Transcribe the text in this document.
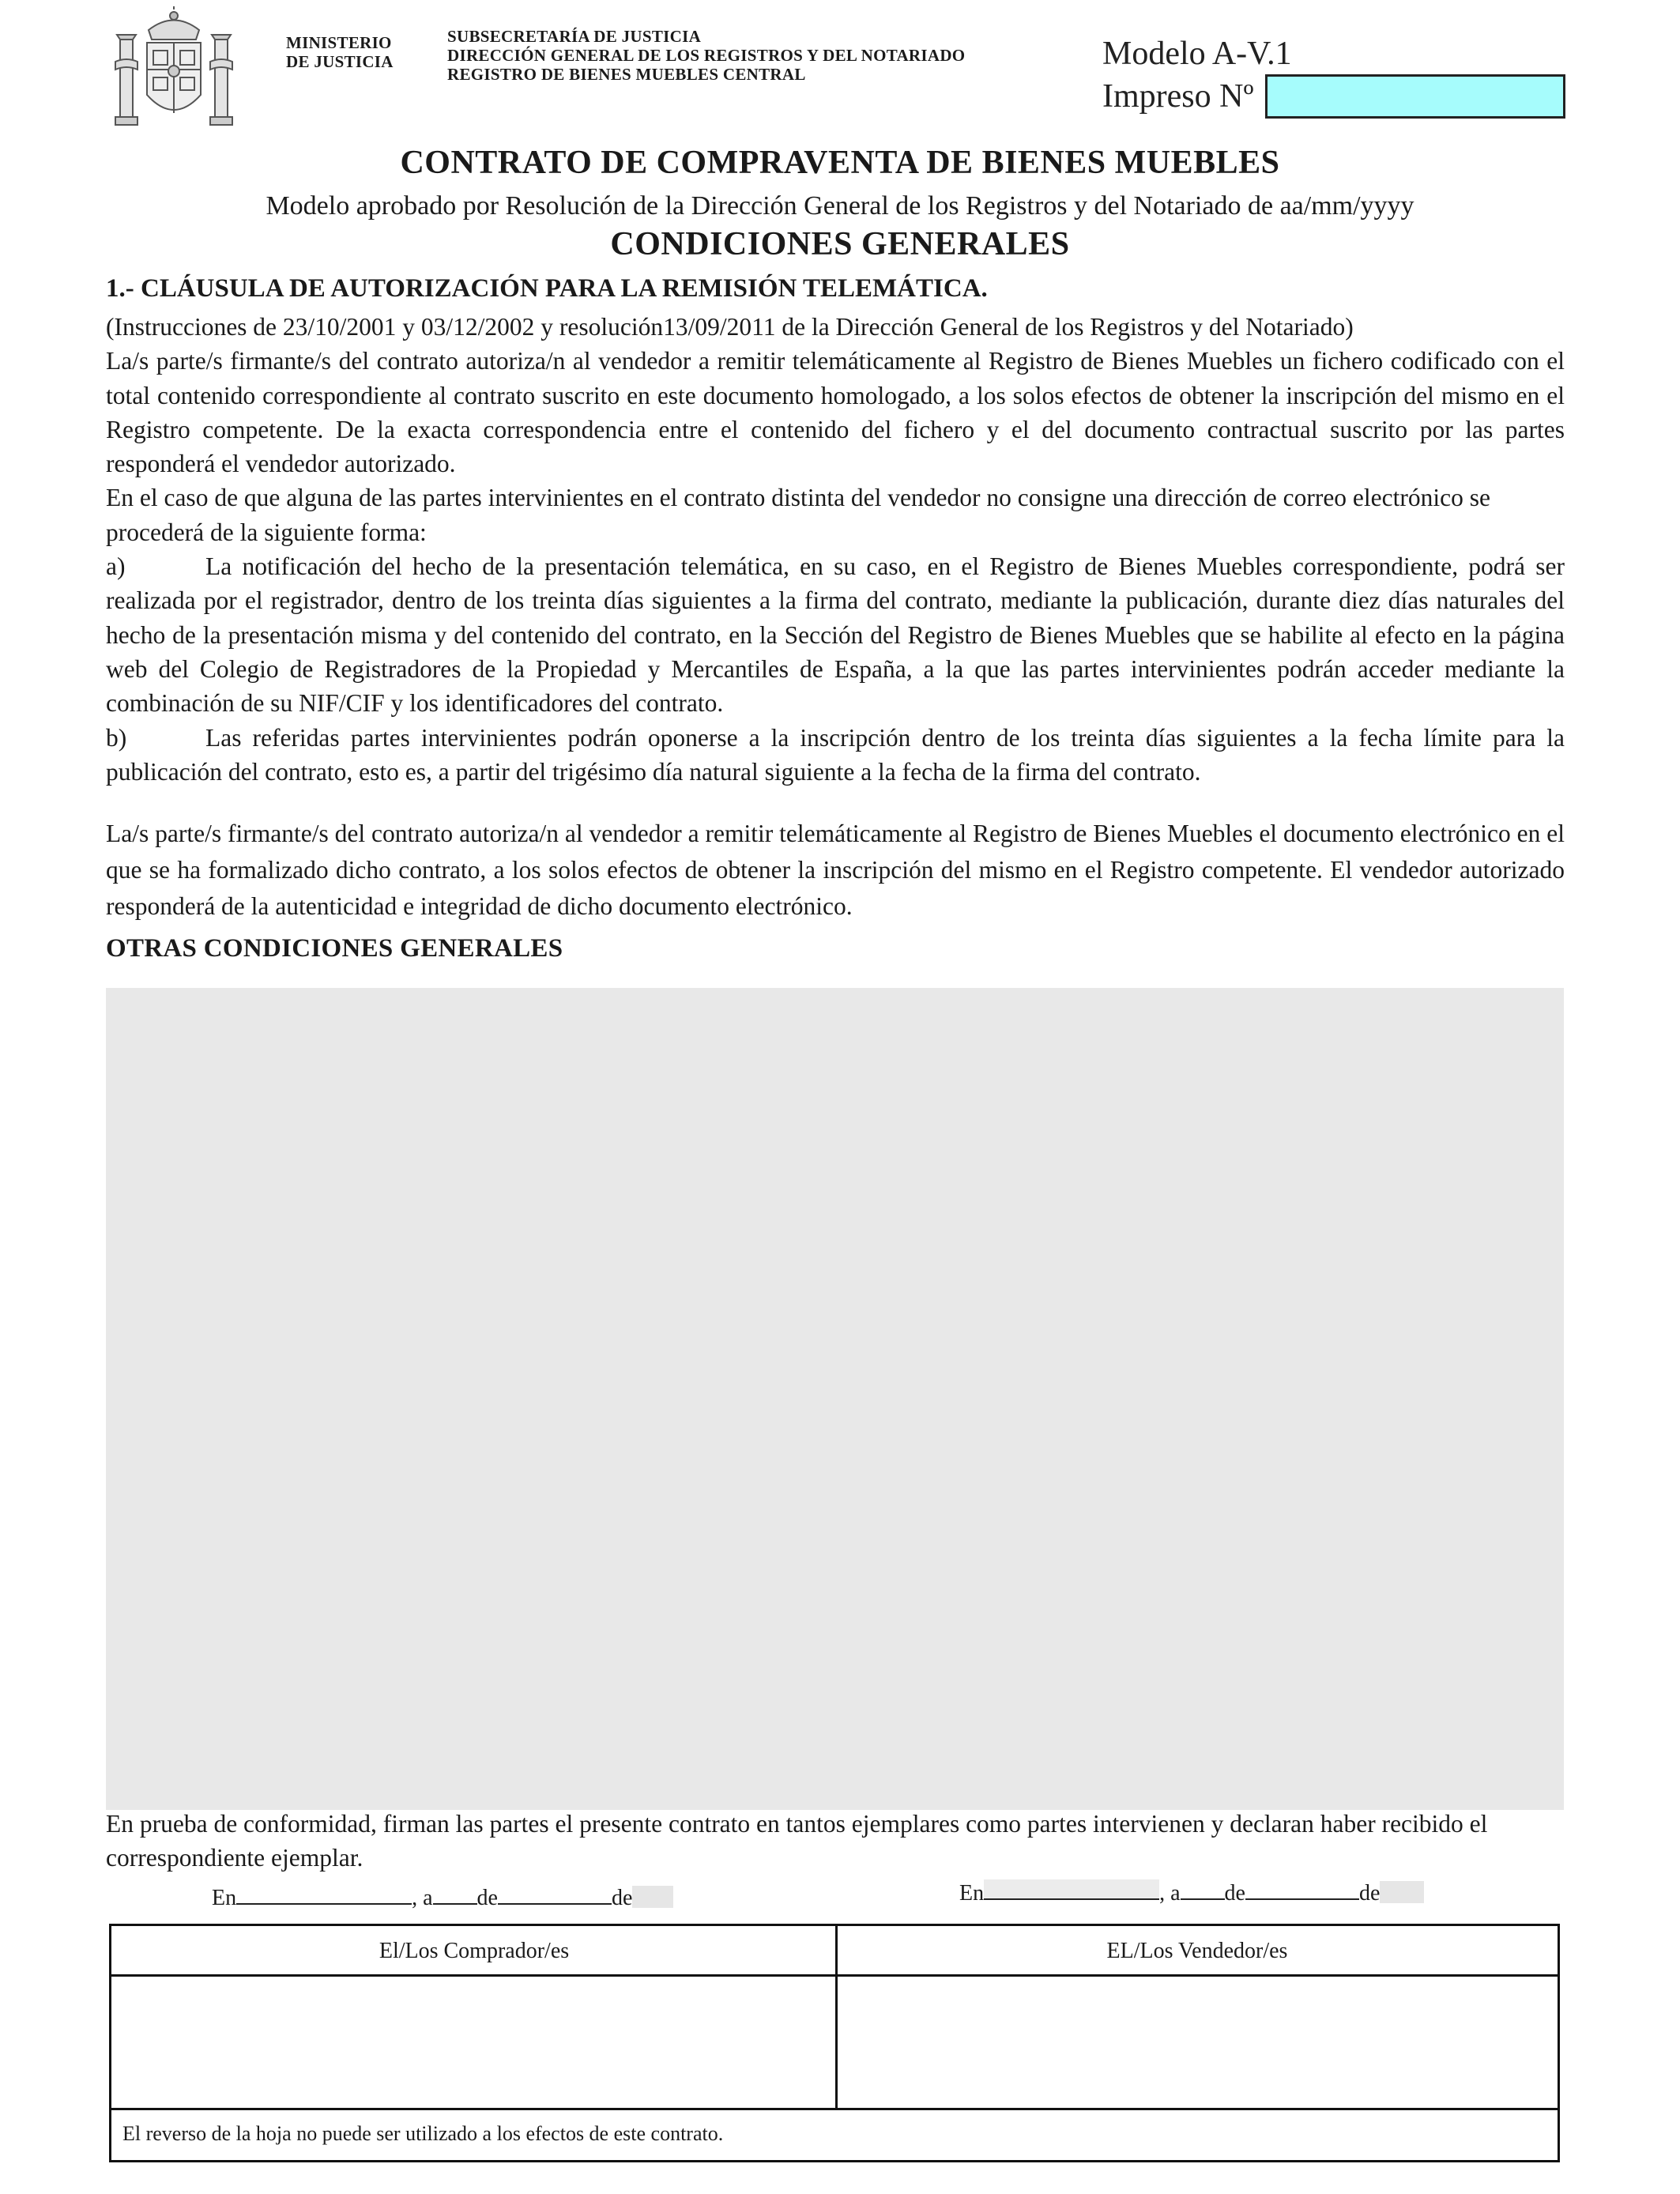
MINISTERIO
DE JUSTICIA
SUBSECRETARÍA DE JUSTICIA
DIRECCIÓN GENERAL DE LOS REGISTROS Y DEL NOTARIADO
REGISTRO DE BIENES MUEBLES CENTRAL
Modelo A-V.1
Impreso Nº
CONTRATO DE COMPRAVENTA DE BIENES MUEBLES
Modelo aprobado por Resolución de la Dirección General de los Registros y del Notariado de aa/mm/yyyy
CONDICIONES GENERALES
1.- CLÁUSULA DE AUTORIZACIÓN PARA LA REMISIÓN TELEMÁTICA.
(Instrucciones de 23/10/2001 y 03/12/2002 y resolución13/09/2011 de la Dirección General de los Registros y del Notariado)
La/s parte/s firmante/s del contrato autoriza/n al vendedor a remitir telemáticamente al Registro de Bienes Muebles un fichero codificado con el total contenido correspondiente al contrato suscrito en este documento homologado, a los solos efectos de obtener la inscripción del mismo en el Registro competente. De la exacta correspondencia entre el contenido del fichero y el del documento contractual suscrito por las partes responderá el vendedor autorizado.
En el caso de que alguna de las partes intervinientes en el contrato distinta del vendedor no consigne una dirección de correo electrónico se procederá de la siguiente forma:
a)	La notificación del hecho de la presentación telemática, en su caso, en el Registro de Bienes Muebles correspondiente, podrá ser realizada por el registrador, dentro de los treinta días siguientes a la firma del contrato, mediante la publicación, durante diez días naturales del hecho de la presentación misma y del contenido del contrato, en la Sección del Registro de Bienes Muebles que se habilite al efecto en la página web del Colegio de Registradores de la Propiedad y Mercantiles de España, a la que las partes intervinientes podrán acceder mediante la combinación de su NIF/CIF y los identificadores del contrato.
b)	Las referidas partes intervinientes podrán oponerse a la inscripción dentro de los treinta días siguientes a la fecha límite para la publicación del contrato, esto es, a partir del trigésimo día natural siguiente a la fecha de la firma del contrato.
La/s parte/s firmante/s del contrato autoriza/n al vendedor a remitir telemáticamente al Registro de Bienes Muebles el documento electrónico en el que se ha formalizado dicho contrato, a los solos efectos de obtener la inscripción del mismo en el Registro competente. El vendedor autorizado responderá de la autenticidad e integridad de dicho documento electrónico.
OTRAS CONDICIONES GENERALES
En prueba de conformidad, firman las partes el presente contrato en tantos ejemplares como partes intervienen y declaran haber recibido el correspondiente ejemplar.
En	, a de	de	En	, a de	de
El/Los Comprador/es	EL/Los Vendedor/es
El reverso de la hoja no puede ser utilizado a los efectos de este contrato.
